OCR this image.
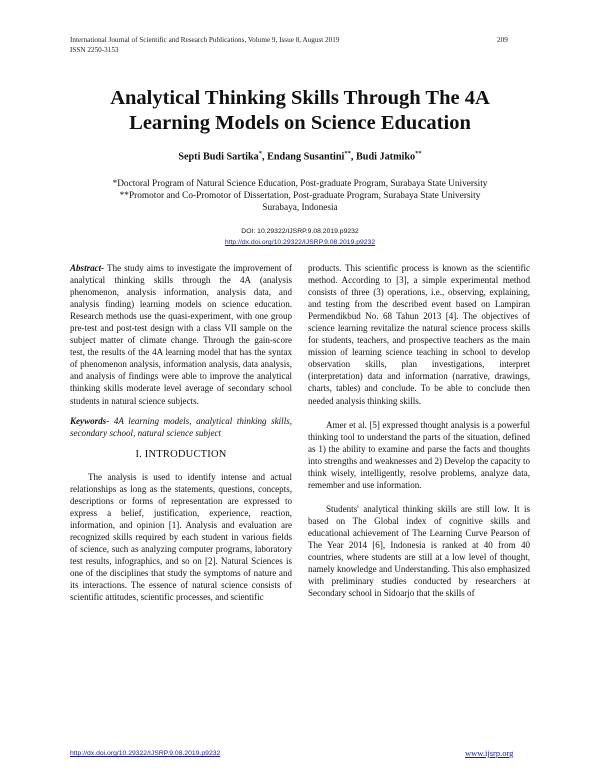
International Journal of Scientific and Research Publications, Volume 9, Issue 8, August 2019
ISSN 2250-3153
209
Analytical Thinking Skills Through The 4A
Learning Models on Science Education
Septi Budi Sartika*, Endang Susantini**, Budi Jatmiko**
*Doctoral Program of Natural Science Education, Post-graduate Program, Surabaya State University
**Promotor and Co-Promotor of Dissertation, Post-graduate Program, Surabaya State University
Surabaya, Indonesia
DOI: 10.29322/IJSRP.9.08.2019.p9232
http://dx.doi.org/10.29322/IJSRP.9.08.2019.p9232

Abstract- The study aims to investigate the improvement of analytical thinking skills through the 4A (analysis phenomenon, analysis information, analysis data, and analysis finding) learning models on science education. Research methods use the quasi-experiment, with one group pre-test and post-test design with a class VII sample on the subject matter of climate change. Through the gain-score test, the results of the 4A learning model that has the syntax of phenomenon analysis, information analysis, data analysis, and analysis of findings were able to improve the analytical thinking skills moderate level average of secondary school students in natural science subjects.

Keywords- 4A learning models, analytical thinking skills, secondary school, natural science subject

I. INTRODUCTION

The analysis is used to identify intense and actual relationships as long as the statements, questions, concepts, descriptions or forms of representation are expressed to express a belief, justification, experience, reaction, information, and opinion [1]. Analysis and evaluation are recognized skills required by each student in various fields of science, such as analyzing computer programs, laboratory test results, infographics, and so on [2]. Natural Sciences is one of the disciplines that study the symptoms of nature and its interactions. The essence of natural science consists of scientific attitudes, scientific processes, and scientific

products. This scientific process is known as the scientific method. According to [3], a simple experimental method consists of three (3) operations, i.e., observing, explaining, and testing from the described event based on Lampiran Permendikbud No. 68 Tahun 2013 [4]. The objectives of science learning revitalize the natural science process skills for students, teachers, and prospective teachers as the main mission of learning science teaching in school to develop observation skills, plan investigations, interpret (interpretation) data and information (narrative, drawings, charts, tables) and conclude. To be able to conclude then needed analysis thinking skills.

Amer et al. [5] expressed thought analysis is a powerful thinking tool to understand the parts of the situation, defined as 1) the ability to examine and parse the facts and thoughts into strengths and weaknesses and 2) Develop the capacity to think wisely, intelligently, resolve problems, analyze data, remember and use information.

Students' analytical thinking skills are still low. It is based on The Global index of cognitive skills and educational achievement of The Learning Curve Pearson of The Year 2014 [6], Indonesia is ranked at 40 from 40 countries, where students are still at a low level of thought, namely knowledge and Understanding. This also emphasized with preliminary studies conducted by researchers at Secondary school in Sidoarjo that the skills of

http://dx.doi.org/10.29322/IJSRP.9.08.2019.p9232	www.ijsrp.org
